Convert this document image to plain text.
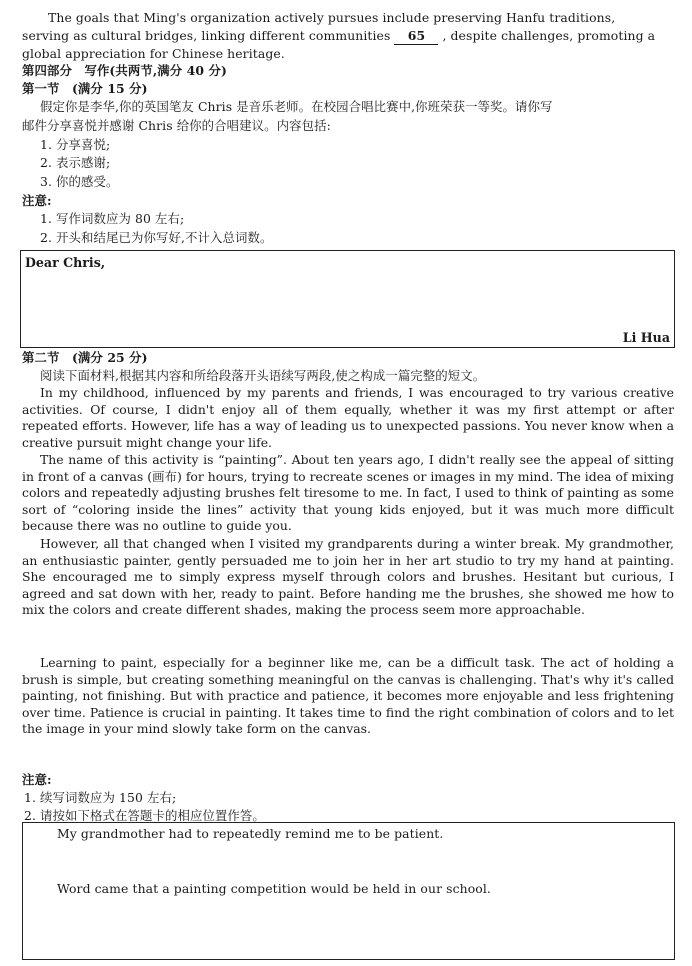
The goals that Ming's organization actively pursues include preserving Hanfu traditions,
serving as cultural bridges, linking different communities 65 , despite challenges, promoting a
global appreciation for Chinese heritage.
第四部分　写作(共两节,满分 40 分)
第一节　(满分 15 分)
假定你是李华,你的英国笔友 Chris 是音乐老师。在校园合唱比赛中,你班荣获一等奖。请你写
邮件分享喜悦并感谢 Chris 给你的合唱建议。内容包括:
1. 分享喜悦;
2. 表示感谢;
3. 你的感受。
注意:
1. 写作词数应为 80 左右;
2. 开头和结尾已为你写好,不计入总词数。
Dear Chris,
Li Hua
第二节　(满分 25 分)
阅读下面材料,根据其内容和所给段落开头语续写两段,使之构成一篇完整的短文。
In my childhood, influenced by my parents and friends, I was encouraged to try various creative activities. Of course, I didn't enjoy all of them equally, whether it was my first attempt or after repeated efforts. However, life has a way of leading us to unexpected passions. You never know when a creative pursuit might change your life.
The name of this activity is “painting”. About ten years ago, I didn't really see the appeal of sitting in front of a canvas (画布) for hours, trying to recreate scenes or images in my mind. The idea of mixing colors and repeatedly adjusting brushes felt tiresome to me. In fact, I used to think of painting as some sort of “coloring inside the lines” activity that young kids enjoyed, but it was much more difficult because there was no outline to guide you.
However, all that changed when I visited my grandparents during a winter break. My grandmother, an enthusiastic painter, gently persuaded me to join her in her art studio to try my hand at painting. She encouraged me to simply express myself through colors and brushes. Hesitant but curious, I agreed and sat down with her, ready to paint. Before handing me the brushes, she showed me how to mix the colors and create different shades, making the process seem more approachable.
Learning to paint, especially for a beginner like me, can be a difficult task. The act of holding a brush is simple, but creating something meaningful on the canvas is challenging. That's why it's called painting, not finishing. But with practice and patience, it becomes more enjoyable and less frightening over time. Patience is crucial in painting. It takes time to find the right combination of colors and to let the image in your mind slowly take form on the canvas.
注意:
1. 续写词数应为 150 左右;
2. 请按如下格式在答题卡的相应位置作答。
My grandmother had to repeatedly remind me to be patient.
Word came that a painting competition would be held in our school.
